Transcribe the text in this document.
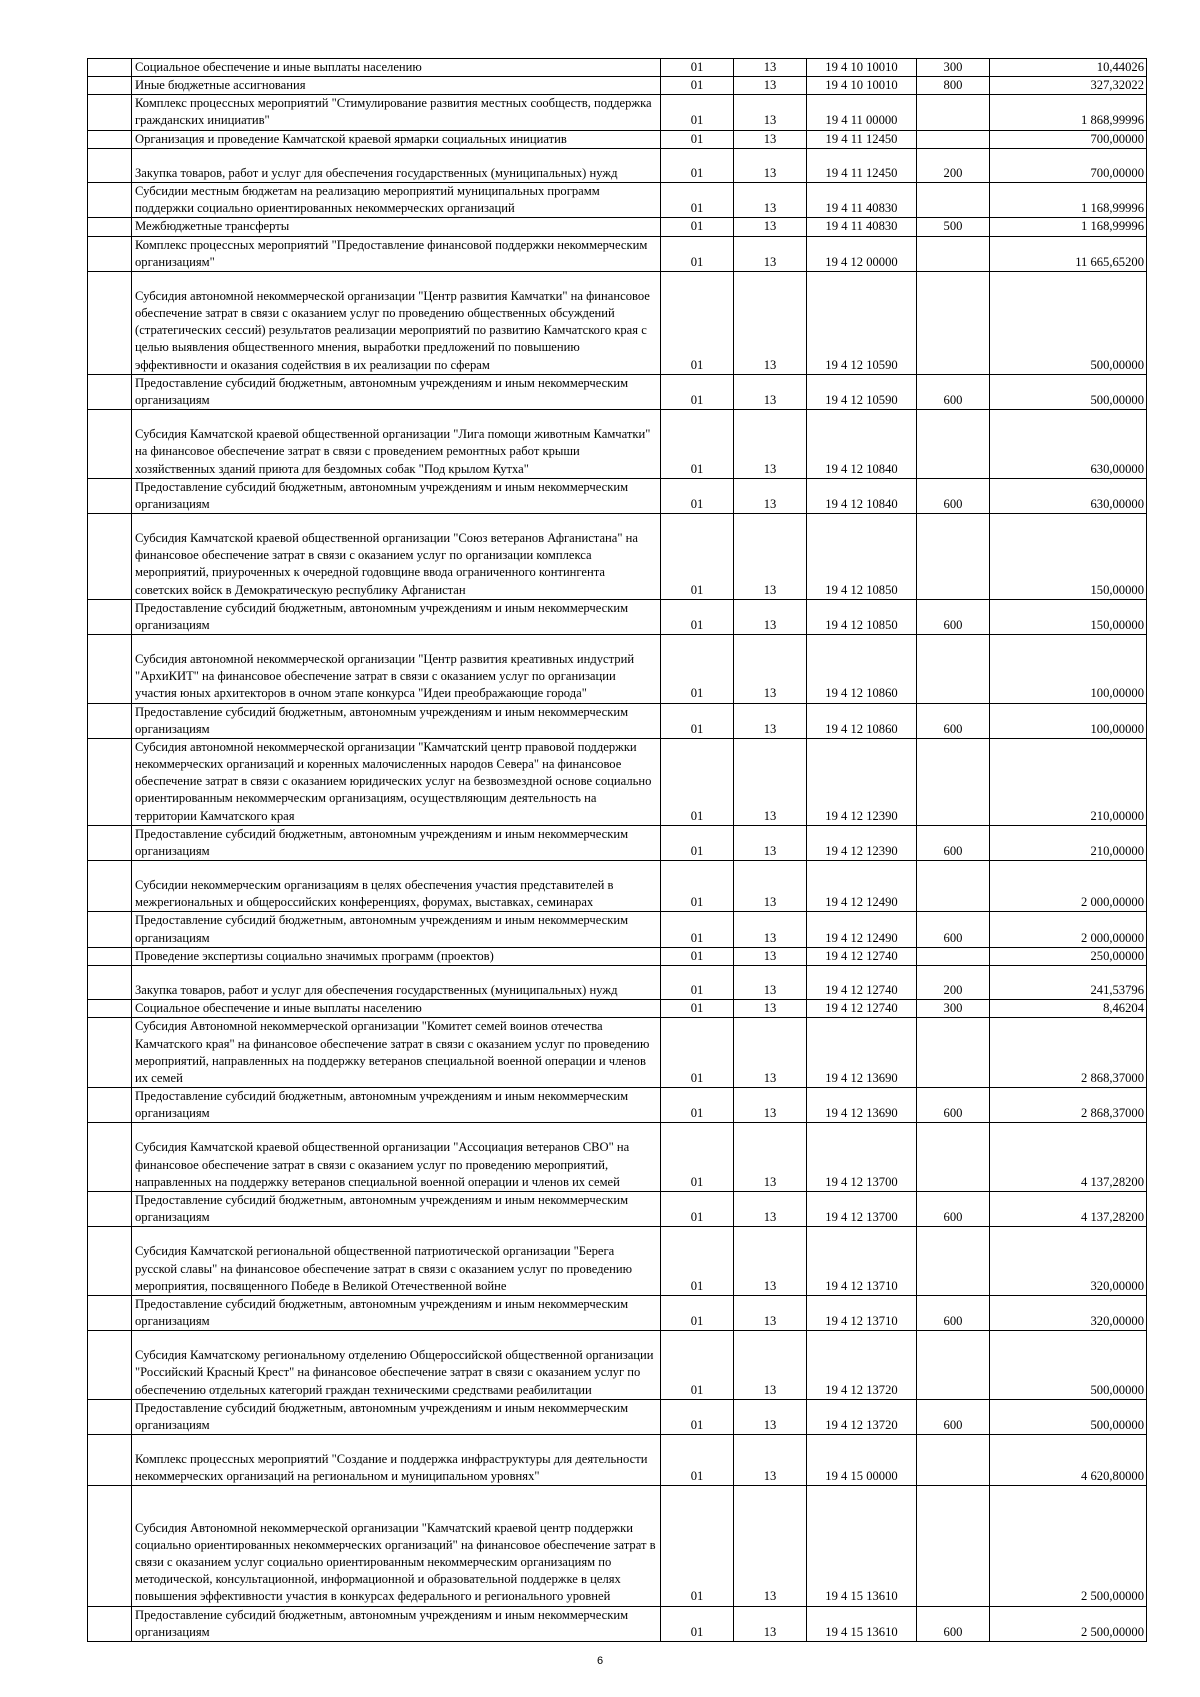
	Социальное обеспечение и иные выплаты населению	01	13	19 4 10 10010	300	10,44026
	Иные бюджетные ассигнования	01	13	19 4 10 10010	800	327,32022
	Комплекс процессных мероприятий "Стимулирование развития местных сообществ, поддержка гражданских инициатив"	01	13	19 4 11 00000		1 868,99996
	Организация и проведение Камчатской краевой ярмарки социальных инициатив	01	13	19 4 11 12450		700,00000
	Закупка товаров, работ и услуг для обеспечения государственных (муниципальных) нужд	01	13	19 4 11 12450	200	700,00000
	Субсидии местным бюджетам на реализацию мероприятий муниципальных программ поддержки социально ориентированных некоммерческих организаций	01	13	19 4 11 40830		1 168,99996
	Межбюджетные трансферты	01	13	19 4 11 40830	500	1 168,99996
	Комплекс процессных мероприятий "Предоставление финансовой поддержки некоммерческим организациям"	01	13	19 4 12 00000		11 665,65200
	Субсидия автономной некоммерческой организации "Центр развития Камчатки" на финансовое обеспечение затрат в связи с оказанием услуг по проведению общественных обсуждений (стратегических сессий) результатов реализации мероприятий по развитию Камчатского края с целью выявления общественного мнения, выработки предложений по повышению эффективности и оказания содействия в их реализации по сферам	01	13	19 4 12 10590		500,00000
	Предоставление субсидий бюджетным, автономным учреждениям и иным некоммерческим организациям	01	13	19 4 12 10590	600	500,00000
	Субсидия Камчатской краевой общественной организации "Лига помощи животным Камчатки" на финансовое обеспечение затрат в связи с проведением ремонтных работ крыши хозяйственных зданий приюта для бездомных собак "Под крылом Кутха"	01	13	19 4 12 10840		630,00000
	Предоставление субсидий бюджетным, автономным учреждениям и иным некоммерческим организациям	01	13	19 4 12 10840	600	630,00000
	Субсидия Камчатской краевой общественной организации "Союз ветеранов Афганистана" на финансовое обеспечение затрат в связи с оказанием услуг по организации комплекса мероприятий, приуроченных к очередной годовщине ввода ограниченного контингента советских войск в Демократическую республику Афганистан	01	13	19 4 12 10850		150,00000
	Предоставление субсидий бюджетным, автономным учреждениям и иным некоммерческим организациям	01	13	19 4 12 10850	600	150,00000
	Субсидия автономной некоммерческой организации "Центр развития креативных индустрий "АрхиКИТ" на финансовое обеспечение затрат в связи с оказанием услуг по организации участия юных архитекторов в очном этапе конкурса "Идеи преображающие города"	01	13	19 4 12 10860		100,00000
	Предоставление субсидий бюджетным, автономным учреждениям и иным некоммерческим организациям	01	13	19 4 12 10860	600	100,00000
	Субсидия автономной некоммерческой организации "Камчатский центр правовой поддержки некоммерческих организаций и коренных малочисленных народов Севера" на финансовое обеспечение затрат в связи с оказанием юридических услуг на безвозмездной основе социально ориентированным некоммерческим организациям, осуществляющим деятельность на территории Камчатского края	01	13	19 4 12 12390		210,00000
	Предоставление субсидий бюджетным, автономным учреждениям и иным некоммерческим организациям	01	13	19 4 12 12390	600	210,00000
	Субсидии некоммерческим организациям в целях обеспечения участия представителей в межрегиональных и общероссийских конференциях, форумах, выставках, семинарах	01	13	19 4 12 12490		2 000,00000
	Предоставление субсидий бюджетным, автономным учреждениям и иным некоммерческим организациям	01	13	19 4 12 12490	600	2 000,00000
	Проведение экспертизы социально значимых программ (проектов)	01	13	19 4 12 12740		250,00000
	Закупка товаров, работ и услуг для обеспечения государственных (муниципальных) нужд	01	13	19 4 12 12740	200	241,53796
	Социальное обеспечение и иные выплаты населению	01	13	19 4 12 12740	300	8,46204
	Субсидия Автономной некоммерческой организации "Комитет семей воинов отечества Камчатского края" на финансовое обеспечение затрат в связи с оказанием услуг по проведению мероприятий, направленных на поддержку ветеранов специальной военной операции и членов их семей	01	13	19 4 12 13690		2 868,37000
	Предоставление субсидий бюджетным, автономным учреждениям и иным некоммерческим организациям	01	13	19 4 12 13690	600	2 868,37000
	Субсидия Камчатской краевой общественной организации "Ассоциация ветеранов СВО" на финансовое обеспечение затрат в связи с оказанием услуг по проведению мероприятий, направленных на поддержку ветеранов специальной военной операции и членов их семей	01	13	19 4 12 13700		4 137,28200
	Предоставление субсидий бюджетным, автономным учреждениям и иным некоммерческим организациям	01	13	19 4 12 13700	600	4 137,28200
	Субсидия Камчатской региональной общественной патриотической организации "Берега русской славы" на финансовое обеспечение затрат в связи с оказанием услуг по проведению мероприятия, посвященного Победе в Великой Отечественной войне	01	13	19 4 12 13710		320,00000
	Предоставление субсидий бюджетным, автономным учреждениям и иным некоммерческим организациям	01	13	19 4 12 13710	600	320,00000
	Субсидия Камчатскому региональному отделению Общероссийской общественной организации "Российский Красный Крест" на финансовое обеспечение затрат в связи с оказанием услуг по обеспечению отдельных категорий граждан техническими средствами реабилитации	01	13	19 4 12 13720		500,00000
	Предоставление субсидий бюджетным, автономным учреждениям и иным некоммерческим организациям	01	13	19 4 12 13720	600	500,00000
	Комплекс процессных мероприятий "Создание и поддержка инфраструктуры для деятельности некоммерческих организаций на региональном и муниципальном уровнях"	01	13	19 4 15 00000		4 620,80000
	Субсидия Автономной некоммерческой организации "Камчатский краевой центр поддержки социально ориентированных некоммерческих организаций" на финансовое обеспечение затрат в связи с оказанием услуг социально ориентированным некоммерческим организациям по методической, консультационной, информационной и образовательной поддержке в целях повышения эффективности участия в конкурсах федерального и регионального уровней	01	13	19 4 15 13610		2 500,00000
	Предоставление субсидий бюджетным, автономным учреждениям и иным некоммерческим организациям	01	13	19 4 15 13610	600	2 500,00000
6
